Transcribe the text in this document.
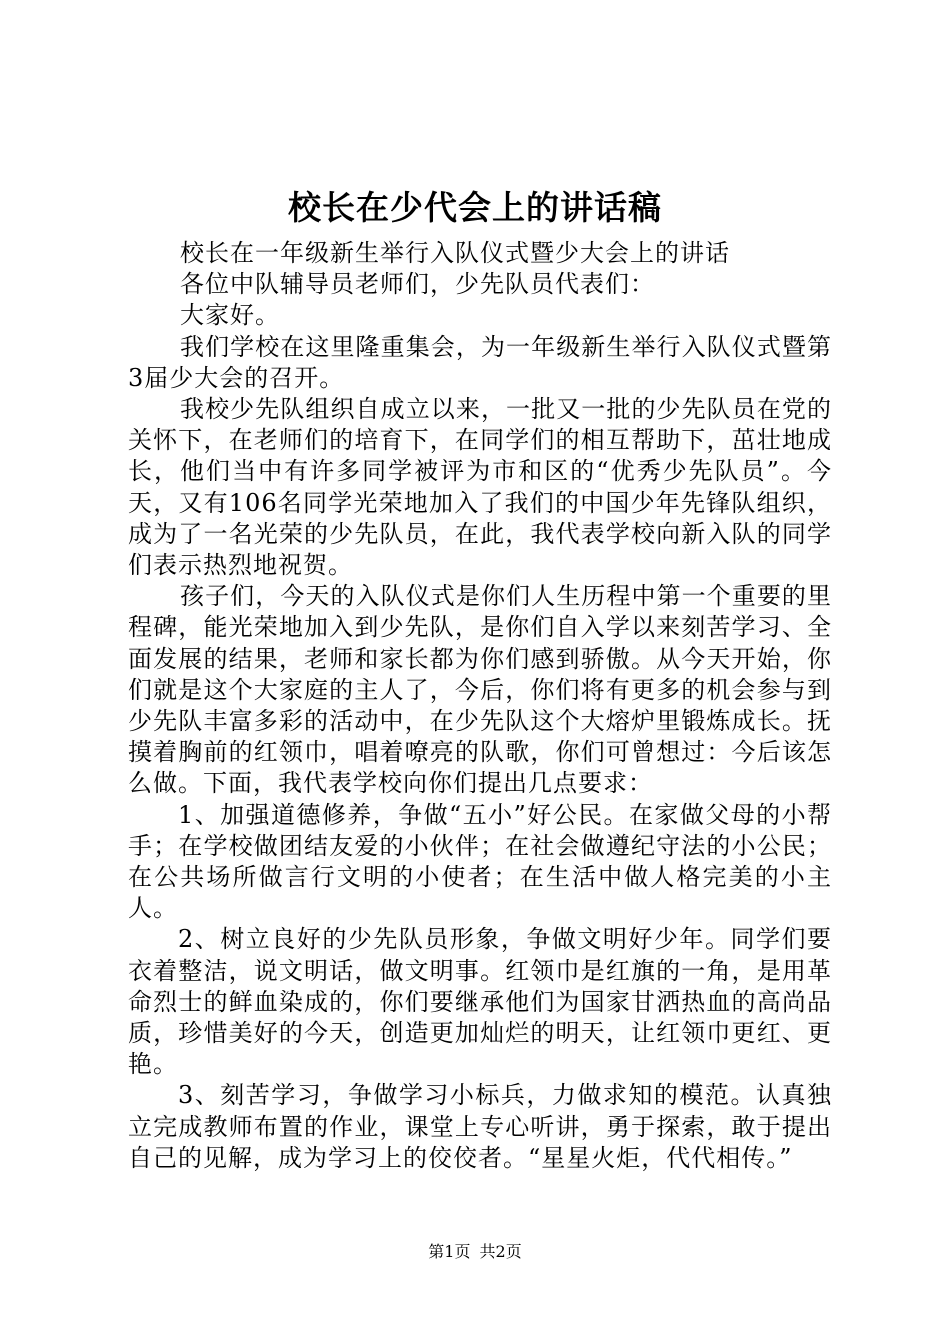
校长在少代会上的讲话稿

校长在一年级新生举行入队仪式暨少大会上的讲话

各位中队辅导员老师们，少先队员代表们：

大家好。

我们学校在这里隆重集会，为一年级新生举行入队仪式暨第3届少大会的召开。

我校少先队组织自成立以来，一批又一批的少先队员在党的关怀下，在老师们的培育下，在同学们的相互帮助下，茁壮地成长，他们当中有许多同学被评为市和区的“优秀少先队员”。今天，又有106名同学光荣地加入了我们的中国少年先锋队组织，成为了一名光荣的少先队员，在此，我代表学校向新入队的同学们表示热烈地祝贺。

孩子们，今天的入队仪式是你们人生历程中第一个重要的里程碑，能光荣地加入到少先队，是你们自入学以来刻苦学习、全面发展的结果，老师和家长都为你们感到骄傲。从今天开始，你们就是这个大家庭的主人了，今后，你们将有更多的机会参与到少先队丰富多彩的活动中，在少先队这个大熔炉里锻炼成长。抚摸着胸前的红领巾，唱着嘹亮的队歌，你们可曾想过：今后该怎么做。下面，我代表学校向你们提出几点要求：

1、加强道德修养，争做“五小”好公民。在家做父母的小帮手；在学校做团结友爱的小伙伴；在社会做遵纪守法的小公民；在公共场所做言行文明的小使者；在生活中做人格完美的小主人。

2、树立良好的少先队员形象，争做文明好少年。同学们要衣着整洁，说文明话，做文明事。红领巾是红旗的一角，是用革命烈士的鲜血染成的，你们要继承他们为国家甘洒热血的高尚品质，珍惜美好的今天，创造更加灿烂的明天，让红领巾更红、更艳。

3、刻苦学习，争做学习小标兵，力做求知的模范。认真独立完成教师布置的作业，课堂上专心听讲，勇于探索，敢于提出自己的见解，成为学习上的佼佼者。“星星火炬，代代相传。”

第1页 共2页
